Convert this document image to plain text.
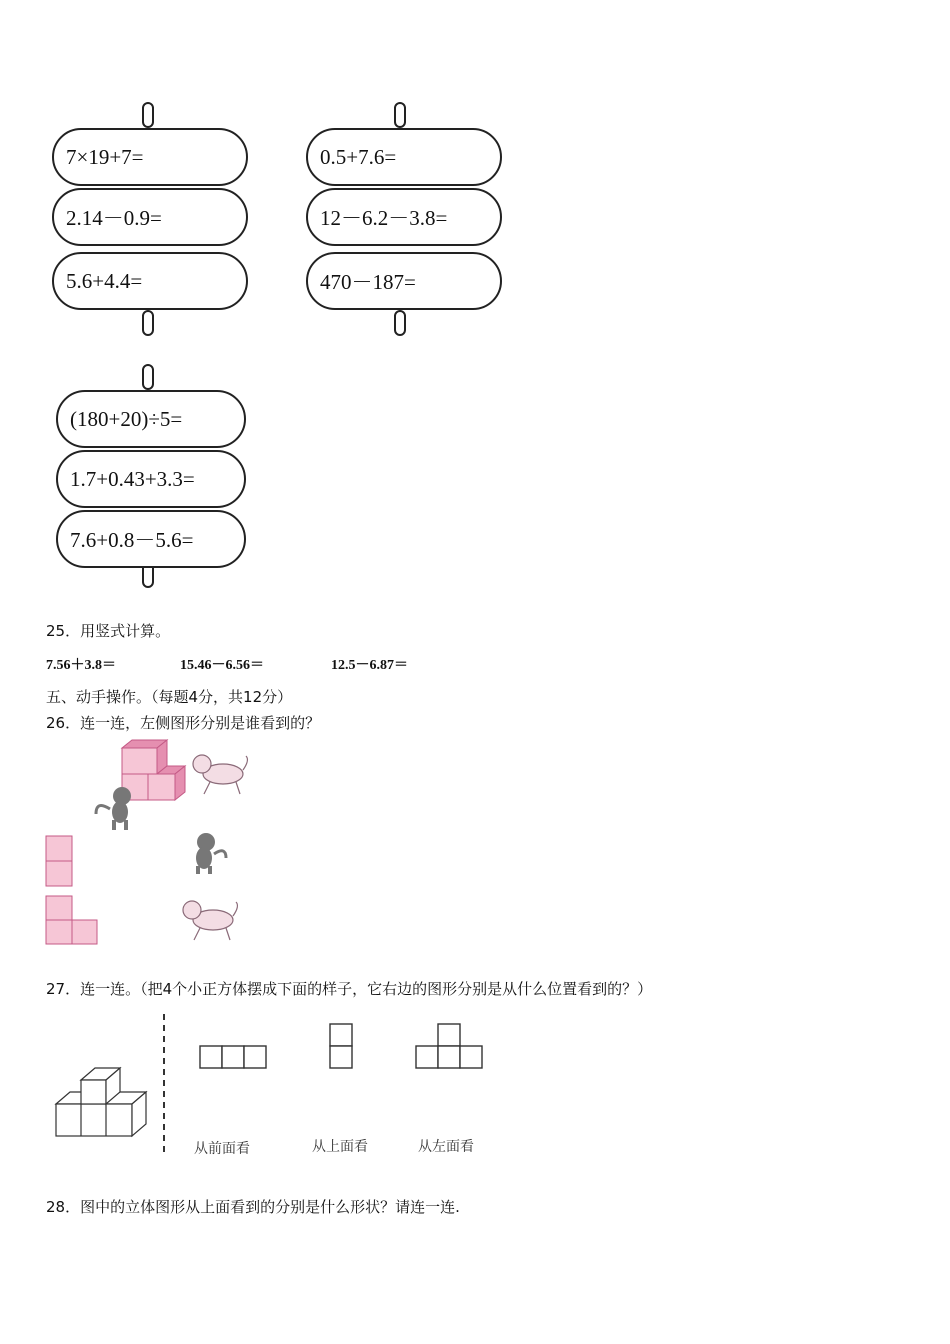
7×19+7=
2.14－0.9=
5.6+4.4=
0.5+7.6=
12－6.2－3.8=
470－187=
(180+20)÷5=
1.7+0.43+3.3=
7.6+0.8－5.6=
25．用竖式计算。
7.56＋3.8＝	15.46－6.56＝	12.5－6.87＝
五、动手操作。（每题4分，共12分）
26．连一连，左侧图形分别是谁看到的？
27．连一连。（把4个小正方体摆成下面的样子，它右边的图形分别是从什么位置看到的？）
从前面看	从上面看	从左面看
28．图中的立体图形从上面看到的分别是什么形状？请连一连.
